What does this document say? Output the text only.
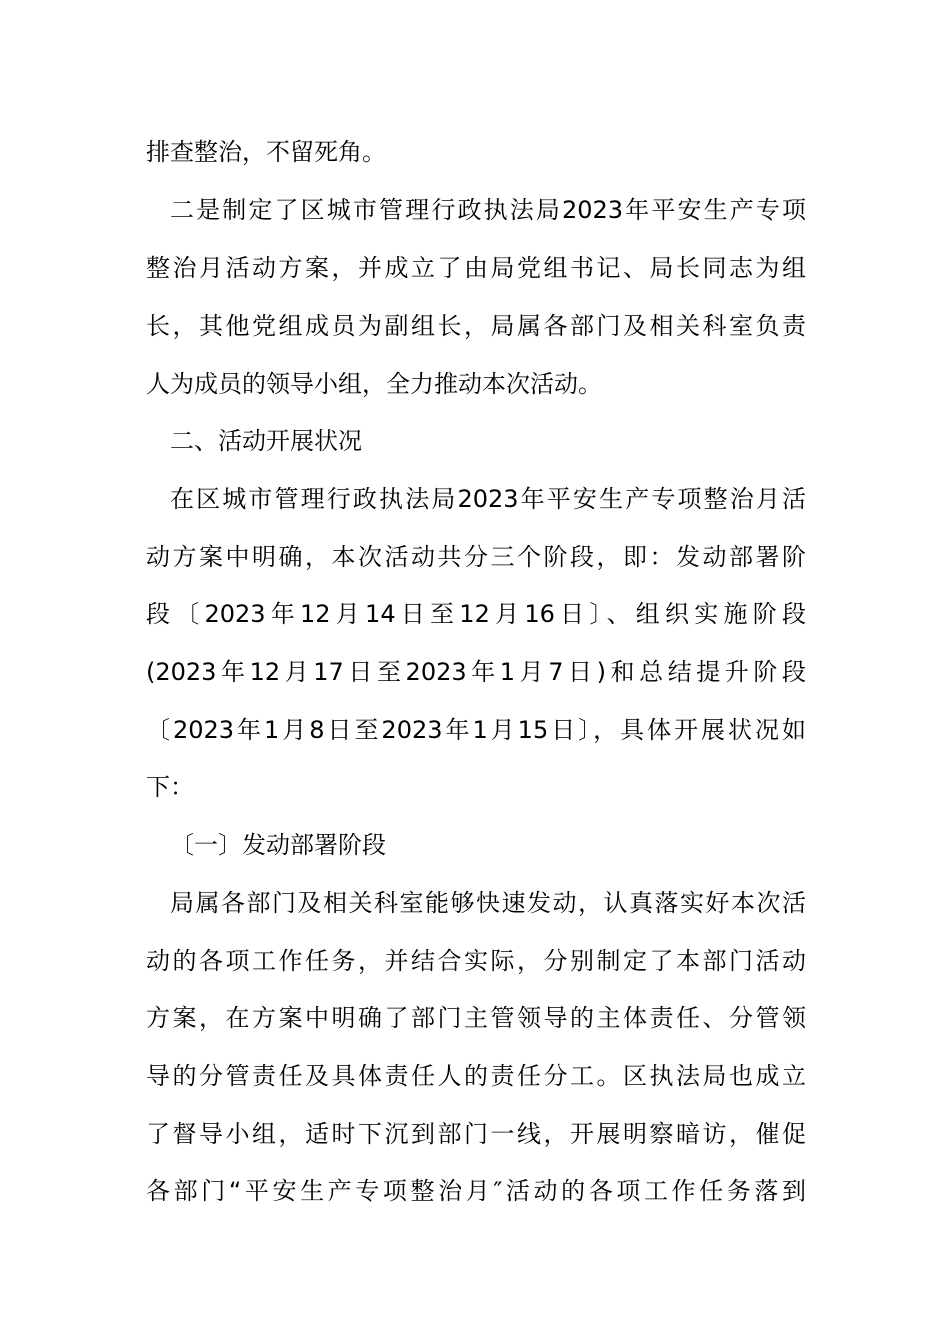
排查整治，不留死角。
二是制定了区城市管理行政执法局2023年平安生产专项
整治月活动方案，并成立了由局党组书记、局长同志为组
长，其他党组成员为副组长，局属各部门及相关科室负责
人为成员的领导小组，全力推动本次活动。
二、活动开展状况
在区城市管理行政执法局2023年平安生产专项整治月活
动方案中明确，本次活动共分三个阶段，即：发动部署阶
段〔2023年12月14日至12月16日〕、组织实施阶段
(2023年12月17日至2023年1月7日)和总结提升阶段
〔2023年1月8日至2023年1月15日〕，具体开展状况如
下：
〔一〕发动部署阶段
局属各部门及相关科室能够快速发动，认真落实好本次活
动的各项工作任务，并结合实际，分别制定了本部门活动
方案，在方案中明确了部门主管领导的主体责任、分管领
导的分管责任及具体责任人的责任分工。区执法局也成立
了督导小组，适时下沉到部门一线，开展明察暗访，催促
各部门“平安生产专项整治月″活动的各项工作任务落到
